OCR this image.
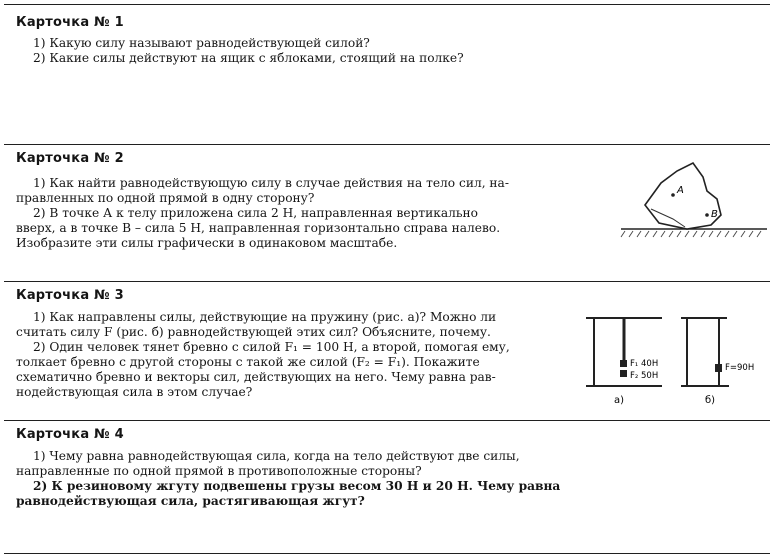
Карточка № 1
1) Какую силу называют равнодействующей силой?
2) Какие силы действуют на ящик с яблоками, стоящий на полке?
Карточка № 2
1) Как найти равнодействующую силу в случае действия на тело сил, на-
правленных по одной прямой в одну сторону?
2) В точке А к телу приложена сила 2 Н, направленная вертикально
вверх, а в точке В – сила 5 Н, направленная горизонтально справа налево.
Изобразите эти силы графически в одинаковом масштабе.
A
B
Карточка № 3
1) Как направлены силы, действующие на пружину (рис. а)? Можно ли
считать силу F (рис. б) равнодействующей этих сил? Объясните, почему.
2) Один человек тянет бревно с силой F₁ = 100 Н, а второй, помогая ему,
толкает бревно с другой стороны с такой же силой (F₂ = F₁). Покажите
схематично бревно и векторы сил, действующих на него. Чему равна рав-
нодействующая сила в этом случае?
F₁ 40H
F₂ 50H
а)
F=90H
б)
Карточка № 4
1) Чему равна равнодействующая сила, когда на тело действуют две силы,
направленные по одной прямой в противоположные стороны?
2) К резиновому жгуту подвешены грузы весом 30 Н и 20 Н. Чему равна
равнодействующая сила, растягивающая жгут?
